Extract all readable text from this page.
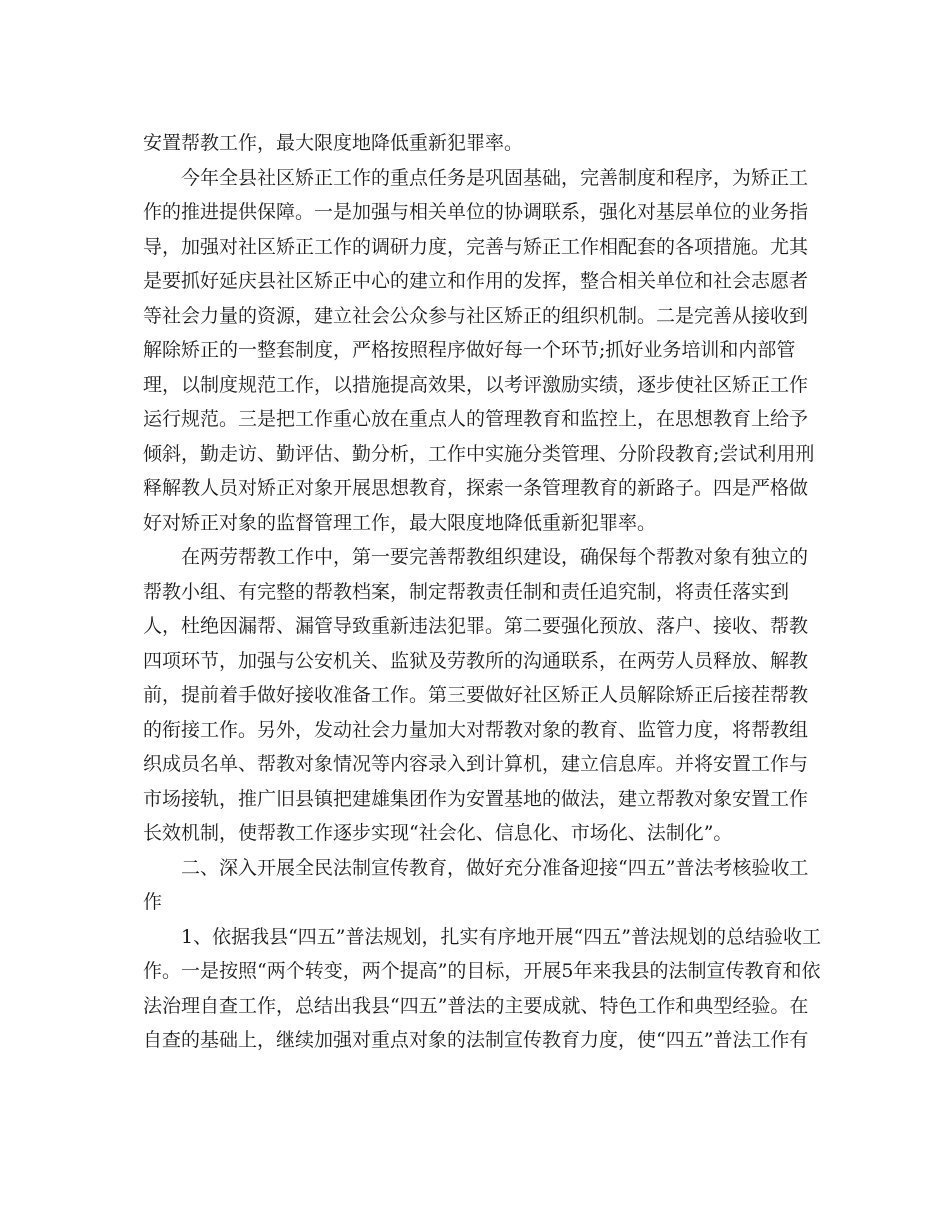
安置帮教工作，最大限度地降低重新犯罪率。
今年全县社区矫正工作的重点任务是巩固基础，完善制度和程序，为矫正工
作的推进提供保障。一是加强与相关单位的协调联系，强化对基层单位的业务指
导，加强对社区矫正工作的调研力度，完善与矫正工作相配套的各项措施。尤其
是要抓好延庆县社区矫正中心的建立和作用的发挥，整合相关单位和社会志愿者
等社会力量的资源，建立社会公众参与社区矫正的组织机制。二是完善从接收到
解除矫正的一整套制度，严格按照程序做好每一个环节;抓好业务培训和内部管
理，以制度规范工作，以措施提高效果，以考评激励实绩，逐步使社区矫正工作
运行规范。三是把工作重心放在重点人的管理教育和监控上，在思想教育上给予
倾斜，勤走访、勤评估、勤分析，工作中实施分类管理、分阶段教育;尝试利用刑
释解教人员对矫正对象开展思想教育，探索一条管理教育的新路子。四是严格做
好对矫正对象的监督管理工作，最大限度地降低重新犯罪率。
在两劳帮教工作中，第一要完善帮教组织建设，确保每个帮教对象有独立的
帮教小组、有完整的帮教档案，制定帮教责任制和责任追究制，将责任落实到
人，杜绝因漏帮、漏管导致重新违法犯罪。第二要强化预放、落户、接收、帮教
四项环节，加强与公安机关、监狱及劳教所的沟通联系，在两劳人员释放、解教
前，提前着手做好接收准备工作。第三要做好社区矫正人员解除矫正后接茬帮教
的衔接工作。另外，发动社会力量加大对帮教对象的教育、监管力度，将帮教组
织成员名单、帮教对象情况等内容录入到计算机，建立信息库。并将安置工作与
市场接轨，推广旧县镇把建雄集团作为安置基地的做法，建立帮教对象安置工作
长效机制，使帮教工作逐步实现“社会化、信息化、市场化、法制化”。
二、深入开展全民法制宣传教育，做好充分准备迎接“四五”普法考核验收工
作
1、依据我县“四五”普法规划，扎实有序地开展“四五”普法规划的总结验收工
作。一是按照“两个转变，两个提高”的目标，开展5年来我县的法制宣传教育和依
法治理自查工作，总结出我县“四五”普法的主要成就、特色工作和典型经验。在
自查的基础上，继续加强对重点对象的法制宣传教育力度，使“四五”普法工作有
